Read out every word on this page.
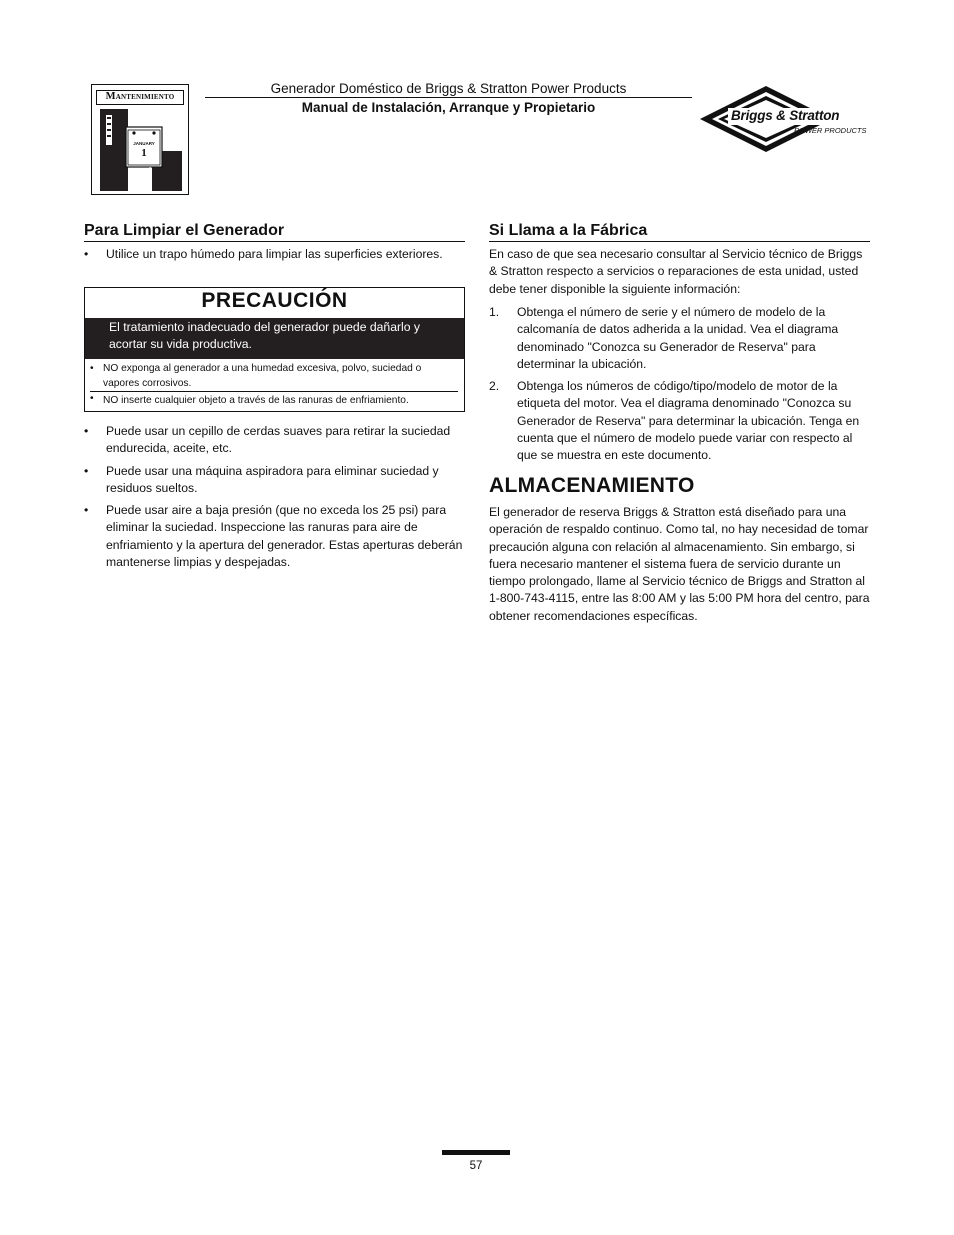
Mantenimiento
JANUARY
1
Generador Doméstico de Briggs & Stratton Power Products
Manual de Instalación, Arranque y Propietario
Briggs & Stratton
POWER PRODUCTS
Para Limpiar el Generador
• Utilice un trapo húmedo para limpiar las superficies exteriores.
PRECAUCIÓN
El tratamiento inadecuado del generador puede dañarlo y acortar su vida productiva.
• NO exponga al generador a una humedad excesiva, polvo, suciedad o vapores corrosivos.
• NO inserte cualquier objeto a través de las ranuras de enfriamiento.
• Puede usar un cepillo de cerdas suaves para retirar la suciedad endurecida, aceite, etc.
• Puede usar una máquina aspiradora para eliminar suciedad y residuos sueltos.
• Puede usar aire a baja presión (que no exceda los 25 psi) para eliminar la suciedad. Inspeccione las ranuras para aire de enfriamiento y la apertura del generador. Estas aperturas deberán mantenerse limpias y despejadas.
Si Llama a la Fábrica
En caso de que sea necesario consultar al Servicio técnico de Briggs & Stratton respecto a servicios o reparaciones de esta unidad, usted debe tener disponible la siguiente información:
1. Obtenga el número de serie y el número de modelo de la calcomanía de datos adherida a la unidad. Vea el diagrama denominado "Conozca su Generador de Reserva" para determinar la ubicación.
2. Obtenga los números de código/tipo/modelo de motor de la etiqueta del motor. Vea el diagrama denominado "Conozca su Generador de Reserva" para determinar la ubicación. Tenga en cuenta que el número de modelo puede variar con respecto al que se muestra en este documento.
ALMACENAMIENTO
El generador de reserva Briggs & Stratton está diseñado para una operación de respaldo continuo. Como tal, no hay necesidad de tomar precaución alguna con relación al almacenamiento. Sin embargo, si fuera necesario mantener el sistema fuera de servicio durante un tiempo prolongado, llame al Servicio técnico de Briggs and Stratton al 1-800-743-4115, entre las 8:00 AM y las 5:00 PM hora del centro, para obtener recomendaciones específicas.
57
